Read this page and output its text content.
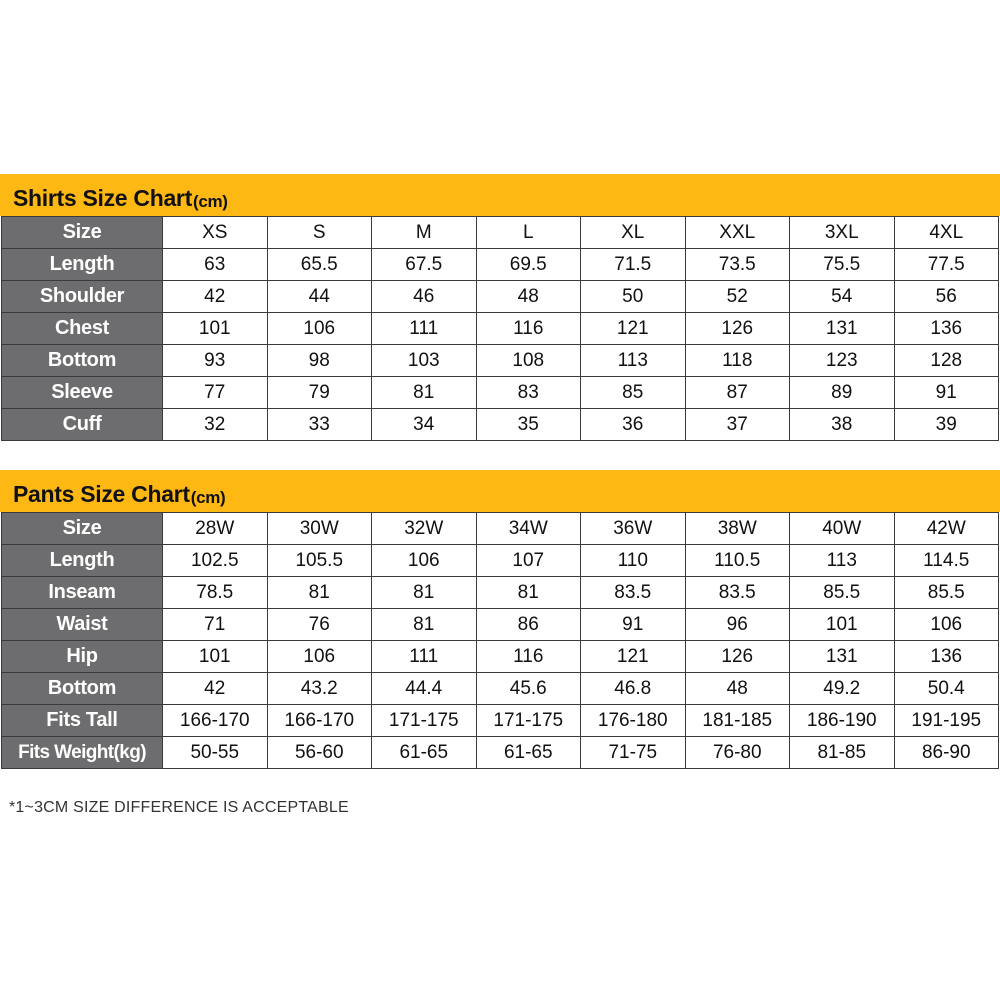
Shirts Size Chart (cm)
Size	XS	S	M	L	XL	XXL	3XL	4XL
Length	63	65.5	67.5	69.5	71.5	73.5	75.5	77.5
Shoulder	42	44	46	48	50	52	54	56
Chest	101	106	111	116	121	126	131	136
Bottom	93	98	103	108	113	118	123	128
Sleeve	77	79	81	83	85	87	89	91
Cuff	32	33	34	35	36	37	38	39
Pants Size Chart (cm)
Size	28W	30W	32W	34W	36W	38W	40W	42W
Length	102.5	105.5	106	107	110	110.5	113	114.5
Inseam	78.5	81	81	81	83.5	83.5	85.5	85.5
Waist	71	76	81	86	91	96	101	106
Hip	101	106	111	116	121	126	131	136
Bottom	42	43.2	44.4	45.6	46.8	48	49.2	50.4
Fits Tall	166-170	166-170	171-175	171-175	176-180	181-185	186-190	191-195
Fits Weight(kg)	50-55	56-60	61-65	61-65	71-75	76-80	81-85	86-90
*1~3CM SIZE DIFFERENCE IS ACCEPTABLE
